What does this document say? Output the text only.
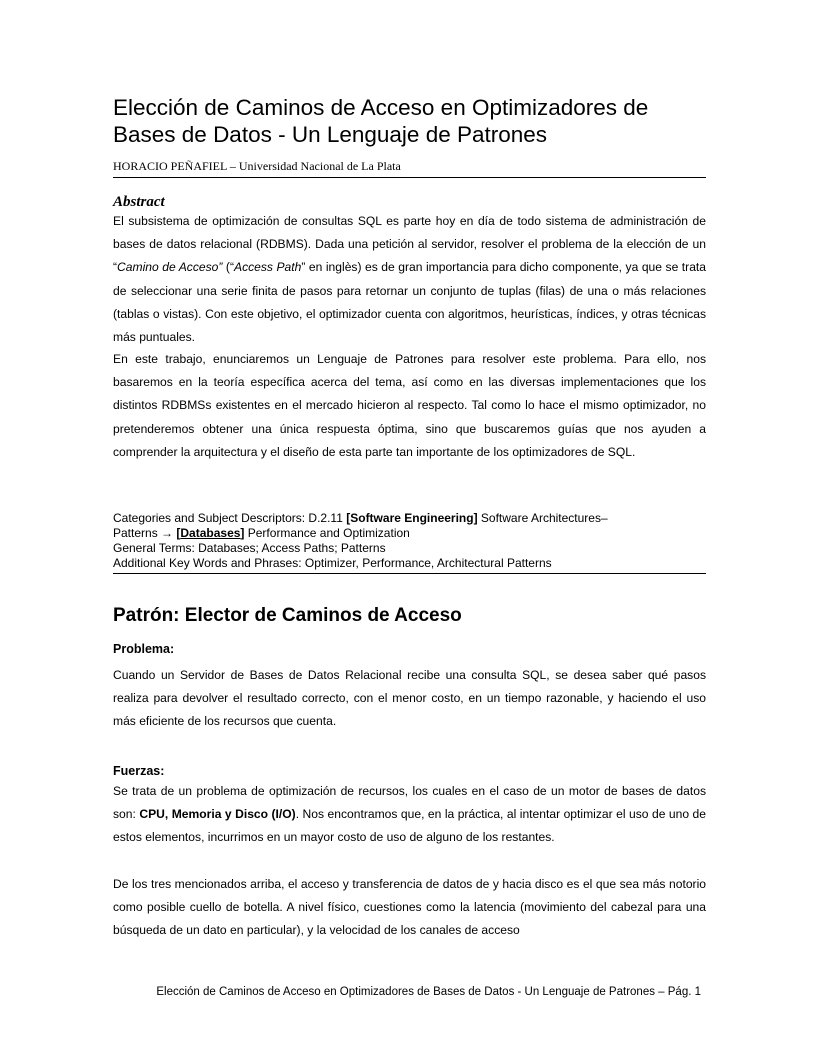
Elección de Caminos de Acceso en Optimizadores de Bases de Datos - Un Lenguaje de Patrones

HORACIO PEÑAFIEL – Universidad Nacional de La Plata

Abstract

El subsistema de optimización de consultas SQL es parte hoy en día de todo sistema de administración de bases de datos relacional (RDBMS). Dada una petición al servidor, resolver el problema de la elección de un “Camino de Acceso” (“Access Path” en inglès) es de gran importancia para dicho componente, ya que se trata de seleccionar una serie finita de pasos para retornar un conjunto de tuplas (filas) de una o más relaciones (tablas o vistas). Con este objetivo, el optimizador cuenta con algoritmos, heurísticas, índices, y otras técnicas más puntuales.

En este trabajo, enunciaremos un Lenguaje de Patrones para resolver este problema. Para ello, nos basaremos en la teoría específica acerca del tema, así como en las diversas implementaciones que los distintos RDBMSs existentes en el mercado hicieron al respecto. Tal como lo hace el mismo optimizador, no pretenderemos obtener una única respuesta óptima, sino que buscaremos guías que nos ayuden a comprender la arquitectura y el diseño de esta parte tan importante de los optimizadores de SQL.

Categories and Subject Descriptors: D.2.11 [Software Engineering] Software Architectures–
Patterns → [Databases] Performance and Optimization
General Terms: Databases; Access Paths; Patterns
Additional Key Words and Phrases: Optimizer, Performance, Architectural Patterns
Patrón: Elector de Caminos de Acceso
Problema:

Cuando un Servidor de Bases de Datos Relacional recibe una consulta SQL, se desea saber qué pasos realiza para devolver el resultado correcto, con el menor costo, en un tiempo razonable, y haciendo el uso más eficiente de los recursos que cuenta.

Fuerzas:

Se trata de un problema de optimización de recursos, los cuales en el caso de un motor de bases de datos son: CPU, Memoria y Disco (I/O). Nos encontramos que, en la práctica, al intentar optimizar el uso de uno de estos elementos, incurrimos en un mayor costo de uso de alguno de los restantes.

De los tres mencionados arriba, el acceso y transferencia de datos de y hacia disco es el que sea más notorio como posible cuello de botella. A nivel físico, cuestiones como la latencia (movimiento del cabezal para una búsqueda de un dato en particular), y la velocidad de los canales de acceso

Elección de Caminos de Acceso en Optimizadores de Bases de Datos - Un Lenguaje de Patrones – Pág. 1
